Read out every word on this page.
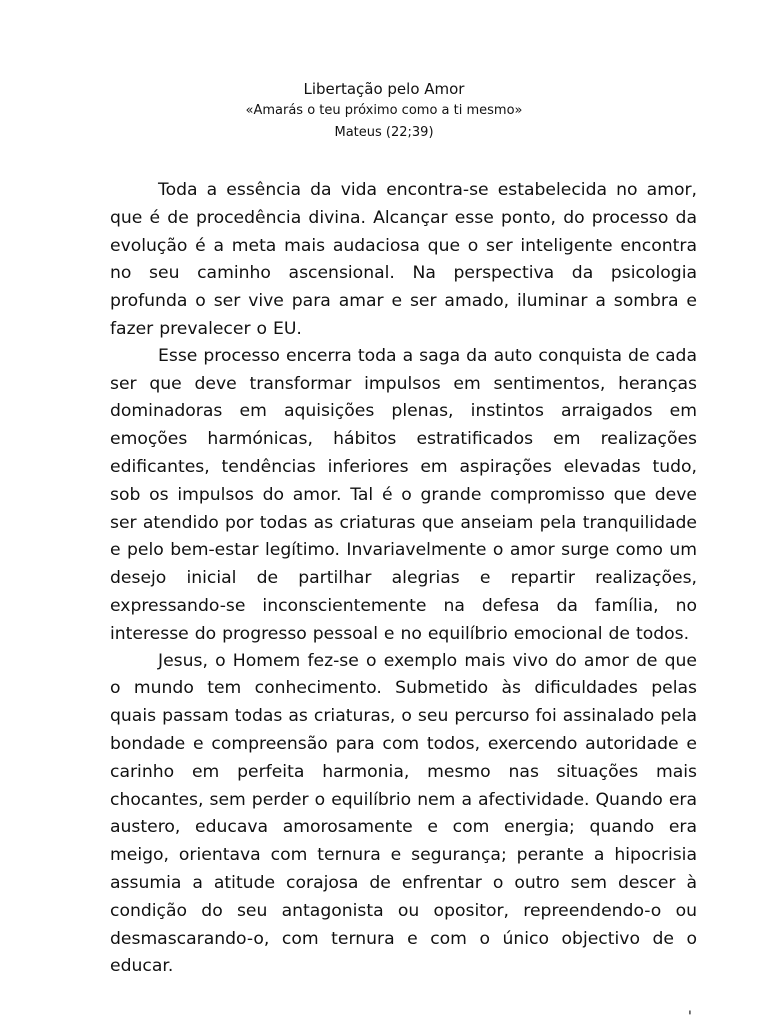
Libertação pelo Amor

«Amarás o teu próximo como a ti mesmo»

Mateus (22;39)

Toda a essência da vida encontra-se estabelecida no amor, que é de procedência divina. Alcançar esse ponto, do processo da evolução é a meta mais audaciosa que o ser inteligente encontra no seu caminho ascensional. Na perspectiva da psicologia profunda o ser vive para amar e ser amado, iluminar a sombra e fazer prevalecer o EU.

Esse processo encerra toda a saga da auto conquista de cada ser que deve transformar impulsos em sentimentos, heranças dominadoras em aquisições plenas, instintos arraigados em emoções harmónicas, hábitos estratificados em realizações edificantes, tendências inferiores em aspirações elevadas tudo, sob os impulsos do amor. Tal é o grande compromisso que deve ser atendido por todas as criaturas que anseiam pela tranquilidade e pelo bem-estar legítimo. Invariavelmente o amor surge como um desejo inicial de partilhar alegrias e repartir realizações, expressando-se inconscientemente na defesa da família, no interesse do progresso pessoal e no equilíbrio emocional de todos.

Jesus, o Homem fez-se o exemplo mais vivo do amor de que o mundo tem conhecimento. Submetido às dificuldades pelas quais passam todas as criaturas, o seu percurso foi assinalado pela bondade e compreensão para com todos, exercendo autoridade e carinho em perfeita harmonia, mesmo nas situações mais chocantes, sem perder o equilíbrio nem a afectividade. Quando era austero, educava amorosamente e com energia; quando era meigo, orientava com ternura e segurança; perante a hipocrisia assumia a atitude corajosa de enfrentar o outro sem descer à condição do seu antagonista ou opositor, repreendendo-o ou desmascarando-o, com ternura e com o único objectivo de o educar.

'
